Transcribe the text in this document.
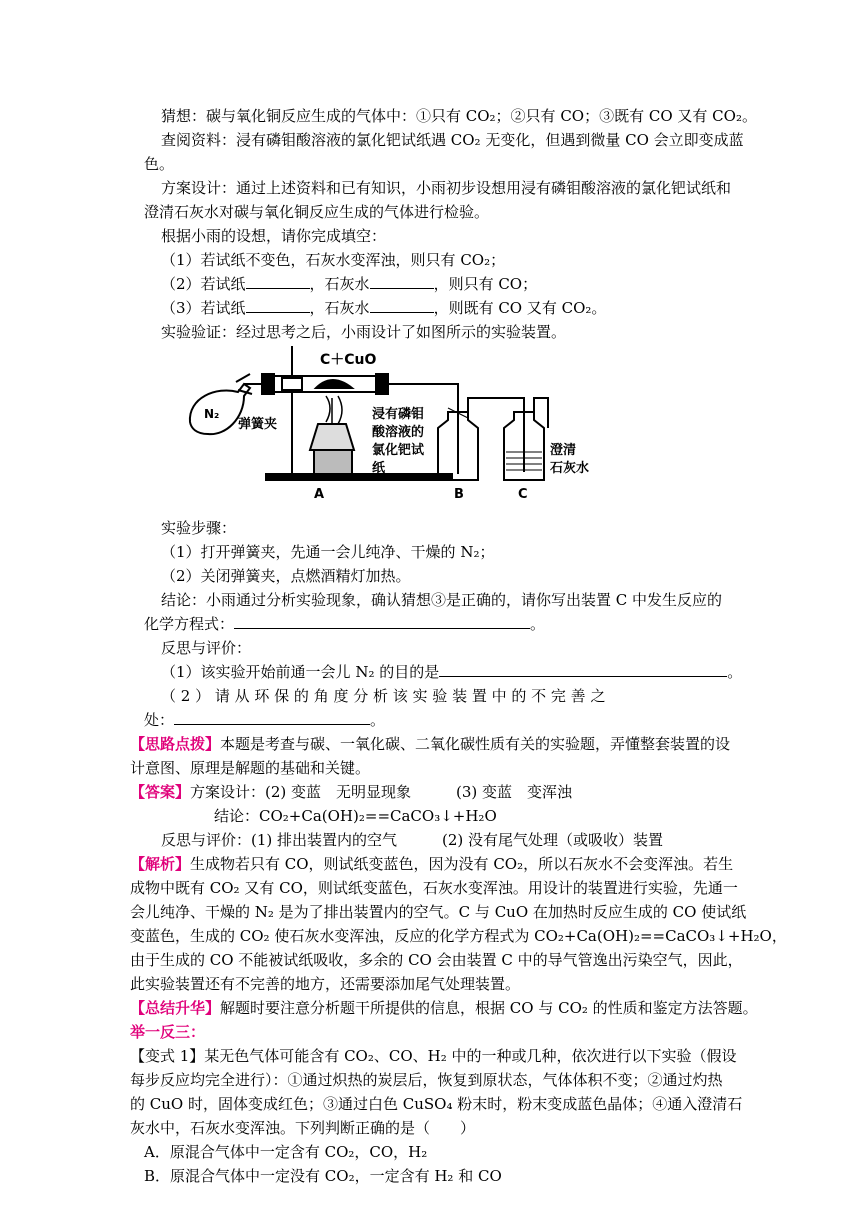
猜想：碳与氧化铜反应生成的气体中：①只有 CO₂；②只有 CO；③既有 CO 又有 CO₂。
查阅资料：浸有磷钼酸溶液的氯化钯试纸遇 CO₂ 无变化，但遇到微量 CO 会立即变成蓝
色。
方案设计：通过上述资料和已有知识，小雨初步设想用浸有磷钼酸溶液的氯化钯试纸和
澄清石灰水对碳与氧化铜反应生成的气体进行检验。
根据小雨的设想，请你完成填空：
（1）若试纸不变色，石灰水变浑浊，则只有 CO₂；
（2）若试纸	，石灰水	，则只有 CO；
（3）若试纸	，石灰水	，则既有 CO 又有 CO₂。
实验验证：经过思考之后，小雨设计了如图所示的实验装置。
C＋CuO
N₂
弹簧夹
浸有磷钼
酸溶液的
氯化钯试
纸
澄清
石灰水
A	B	C
实验步骤：
（1）打开弹簧夹，先通一会儿纯净、干燥的 N₂；
（2）关闭弹簧夹，点燃酒精灯加热。
结论：小雨通过分析实验现象，确认猜想③是正确的，请你写出装置 C 中发生反应的
化学方程式：	。
反思与评价：
（1）该实验开始前通一会儿 N₂ 的目的是	。
（ 2 ） 请 从 环 保 的 角 度 分 析 该 实 验 装 置 中 的 不 完 善 之
处：	。
【思路点拨】本题是考查与碳、一氧化碳、二氧化碳性质有关的实验题，弄懂整套装置的设
计意图、原理是解题的基础和关键。
【答案】方案设计：(2) 变蓝　无明显现象　　　(3) 变蓝　变浑浊
结论：CO₂+Ca(OH)₂==CaCO₃↓+H₂O
反思与评价：(1) 排出装置内的空气　　　(2) 没有尾气处理（或吸收）装置
【解析】生成物若只有 CO，则试纸变蓝色，因为没有 CO₂，所以石灰水不会变浑浊。若生
成物中既有 CO₂ 又有 CO，则试纸变蓝色，石灰水变浑浊。用设计的装置进行实验，先通一
会儿纯净、干燥的 N₂ 是为了排出装置内的空气。C 与 CuO 在加热时反应生成的 CO 使试纸
变蓝色，生成的 CO₂ 使石灰水变浑浊，反应的化学方程式为 CO₂+Ca(OH)₂==CaCO₃↓+H₂O，
由于生成的 CO 不能被试纸吸收，多余的 CO 会由装置 C 中的导气管逸出污染空气，因此，
此实验装置还有不完善的地方，还需要添加尾气处理装置。
【总结升华】解题时要注意分析题干所提供的信息，根据 CO 与 CO₂ 的性质和鉴定方法答题。
举一反三：
【变式 1】某无色气体可能含有 CO₂、CO、H₂ 中的一种或几种，依次进行以下实验（假设
每步反应均完全进行）：①通过炽热的炭层后，恢复到原状态，气体体积不变；②通过灼热
的 CuO 时，固体变成红色；③通过白色 CuSO₄ 粉末时，粉末变成蓝色晶体；④通入澄清石
灰水中，石灰水变浑浊。下列判断正确的是（　　）
A．原混合气体中一定含有 CO₂，CO，H₂
B．原混合气体中一定没有 CO₂，一定含有 H₂ 和 CO
